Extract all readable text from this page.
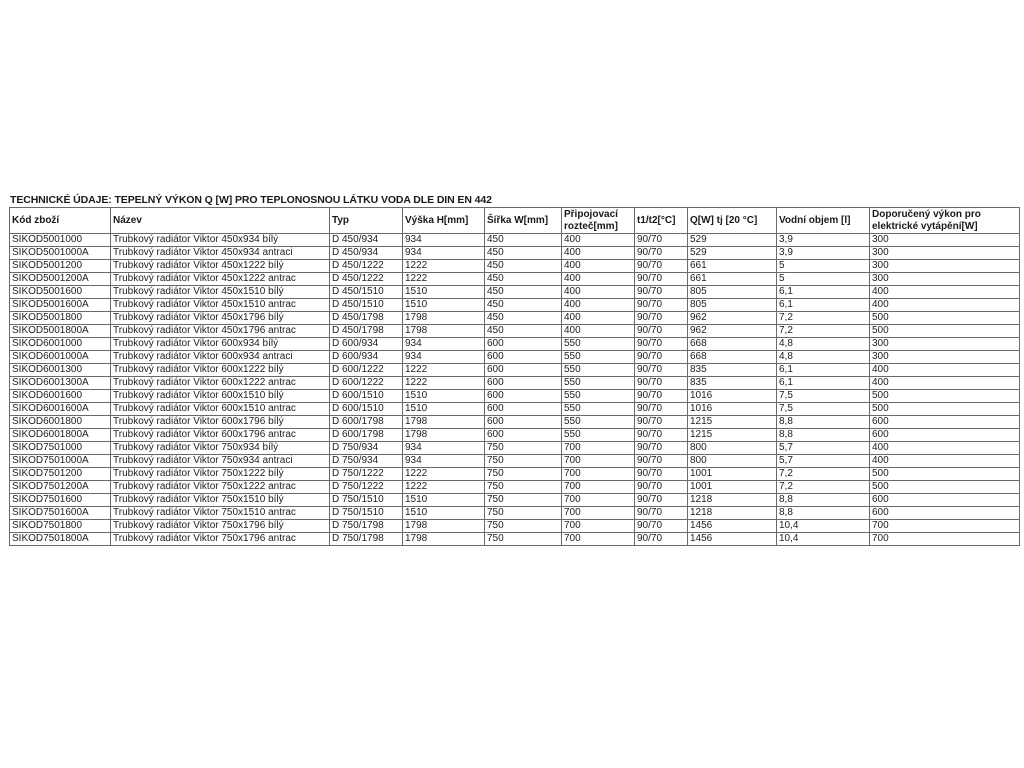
TECHNICKÉ ÚDAJE: TEPELNÝ VÝKON Q [W] PRO TEPLONOSNOU LÁTKU VODA DLE DIN EN 442
Kód zboží	Název	Typ	Výška H[mm]	Šířka W[mm]	Připojovací rozteč[mm]	t1/t2[°C]	Q[W] tj [20 °C]	Vodní objem [l]	Doporučený výkon pro elektrické vytápění[W]
SIKOD5001000	Trubkový radiátor Viktor 450x934 bílý	D 450/934	934	450	400	90/70	529	3,9	300
SIKOD5001000A	Trubkový radiátor Viktor 450x934 antraci	D 450/934	934	450	400	90/70	529	3,9	300
SIKOD5001200	Trubkový radiátor Viktor 450x1222 bílý	D 450/1222	1222	450	400	90/70	661	5	300
SIKOD5001200A	Trubkový radiátor Viktor 450x1222 antrac	D 450/1222	1222	450	400	90/70	661	5	300
SIKOD5001600	Trubkový radiátor Viktor 450x1510 bílý	D 450/1510	1510	450	400	90/70	805	6,1	400
SIKOD5001600A	Trubkový radiátor Viktor 450x1510 antrac	D 450/1510	1510	450	400	90/70	805	6,1	400
SIKOD5001800	Trubkový radiátor Viktor 450x1796 bílý	D 450/1798	1798	450	400	90/70	962	7,2	500
SIKOD5001800A	Trubkový radiátor Viktor 450x1796 antrac	D 450/1798	1798	450	400	90/70	962	7,2	500
SIKOD6001000	Trubkový radiátor Viktor 600x934 bílý	D 600/934	934	600	550	90/70	668	4,8	300
SIKOD6001000A	Trubkový radiátor Viktor 600x934 antraci	D 600/934	934	600	550	90/70	668	4,8	300
SIKOD6001300	Trubkový radiátor Viktor 600x1222 bílý	D 600/1222	1222	600	550	90/70	835	6,1	400
SIKOD6001300A	Trubkový radiátor Viktor 600x1222 antrac	D 600/1222	1222	600	550	90/70	835	6,1	400
SIKOD6001600	Trubkový radiátor Viktor 600x1510 bílý	D 600/1510	1510	600	550	90/70	1016	7,5	500
SIKOD6001600A	Trubkový radiátor Viktor 600x1510 antrac	D 600/1510	1510	600	550	90/70	1016	7,5	500
SIKOD6001800	Trubkový radiátor Viktor 600x1796 bílý	D 600/1798	1798	600	550	90/70	1215	8,8	600
SIKOD6001800A	Trubkový radiátor Viktor 600x1796 antrac	D 600/1798	1798	600	550	90/70	1215	8,8	600
SIKOD7501000	Trubkový radiátor Viktor 750x934 bílý	D 750/934	934	750	700	90/70	800	5,7	400
SIKOD7501000A	Trubkový radiátor Viktor 750x934 antraci	D 750/934	934	750	700	90/70	800	5,7	400
SIKOD7501200	Trubkový radiátor Viktor 750x1222 bílý	D 750/1222	1222	750	700	90/70	1001	7,2	500
SIKOD7501200A	Trubkový radiátor Viktor 750x1222 antrac	D 750/1222	1222	750	700	90/70	1001	7,2	500
SIKOD7501600	Trubkový radiátor Viktor 750x1510 bílý	D 750/1510	1510	750	700	90/70	1218	8,8	600
SIKOD7501600A	Trubkový radiátor Viktor 750x1510 antrac	D 750/1510	1510	750	700	90/70	1218	8,8	600
SIKOD7501800	Trubkový radiátor Viktor 750x1796 bílý	D 750/1798	1798	750	700	90/70	1456	10,4	700
SIKOD7501800A	Trubkový radiátor Viktor 750x1796 antrac	D 750/1798	1798	750	700	90/70	1456	10,4	700
